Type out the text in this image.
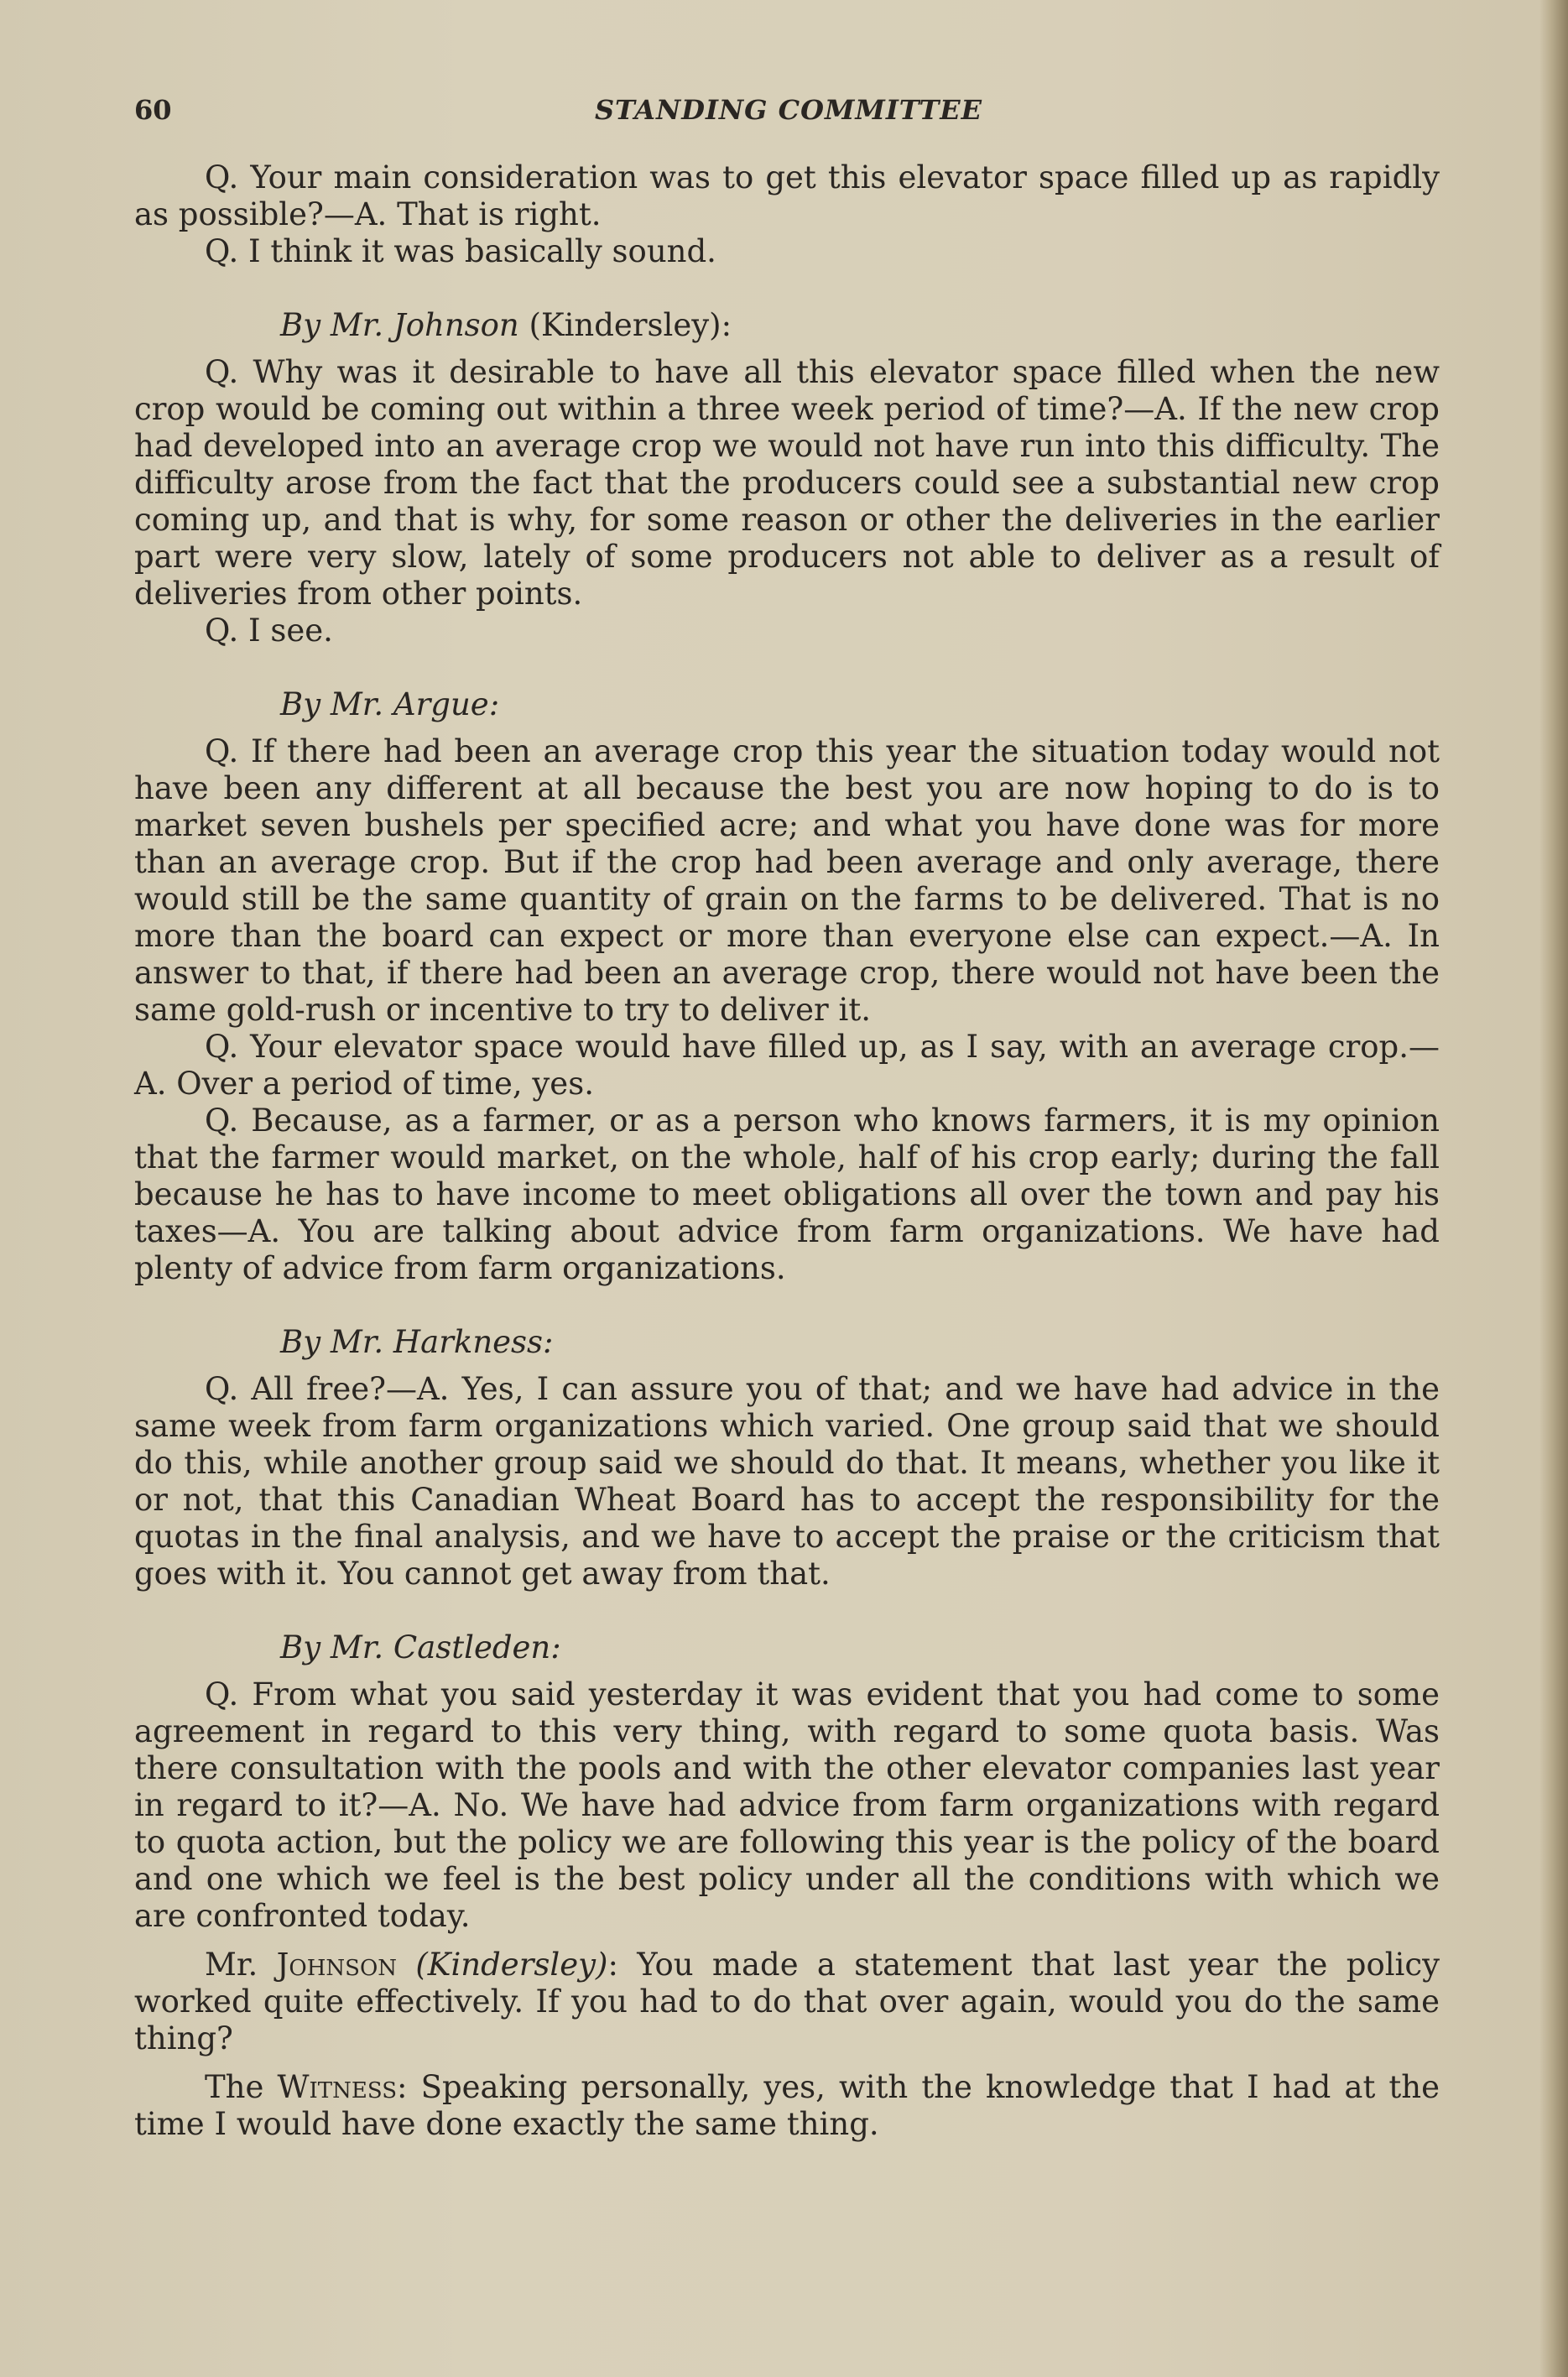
60	STANDING COMMITTEE

Q. Your main consideration was to get this elevator space filled up as rapidly as possible?—A. That is right.

Q. I think it was basically sound.

By Mr. Johnson (Kindersley):

Q. Why was it desirable to have all this elevator space filled when the new crop would be coming out within a three week period of time?—A. If the new crop had developed into an average crop we would not have run into this difficulty. The difficulty arose from the fact that the producers could see a substantial new crop coming up, and that is why, for some reason or other the deliveries in the earlier part were very slow, lately of some producers not able to deliver as a result of deliveries from other points.

Q. I see.

By Mr. Argue:

Q. If there had been an average crop this year the situation today would not have been any different at all because the best you are now hoping to do is to market seven bushels per specified acre; and what you have done was for more than an average crop. But if the crop had been average and only average, there would still be the same quantity of grain on the farms to be delivered. That is no more than the board can expect or more than everyone else can expect.—A. In answer to that, if there had been an average crop, there would not have been the same gold-rush or incentive to try to deliver it.

Q. Your elevator space would have filled up, as I say, with an average crop.—A. Over a period of time, yes.

Q. Because, as a farmer, or as a person who knows farmers, it is my opinion that the farmer would market, on the whole, half of his crop early; during the fall because he has to have income to meet obligations all over the town and pay his taxes—A. You are talking about advice from farm organizations. We have had plenty of advice from farm organizations.

By Mr. Harkness:

Q. All free?—A. Yes, I can assure you of that; and we have had advice in the same week from farm organizations which varied. One group said that we should do this, while another group said we should do that. It means, whether you like it or not, that this Canadian Wheat Board has to accept the responsibility for the quotas in the final analysis, and we have to accept the praise or the criticism that goes with it. You cannot get away from that.

By Mr. Castleden:

Q. From what you said yesterday it was evident that you had come to some agreement in regard to this very thing, with regard to some quota basis. Was there consultation with the pools and with the other elevator companies last year in regard to it?—A. No. We have had advice from farm organizations with regard to quota action, but the policy we are following this year is the policy of the board and one which we feel is the best policy under all the conditions with which we are confronted today.

Mr. Johnson (Kindersley): You made a statement that last year the policy worked quite effectively. If you had to do that over again, would you do the same thing?

The Witness: Speaking personally, yes, with the knowledge that I had at the time I would have done exactly the same thing.
